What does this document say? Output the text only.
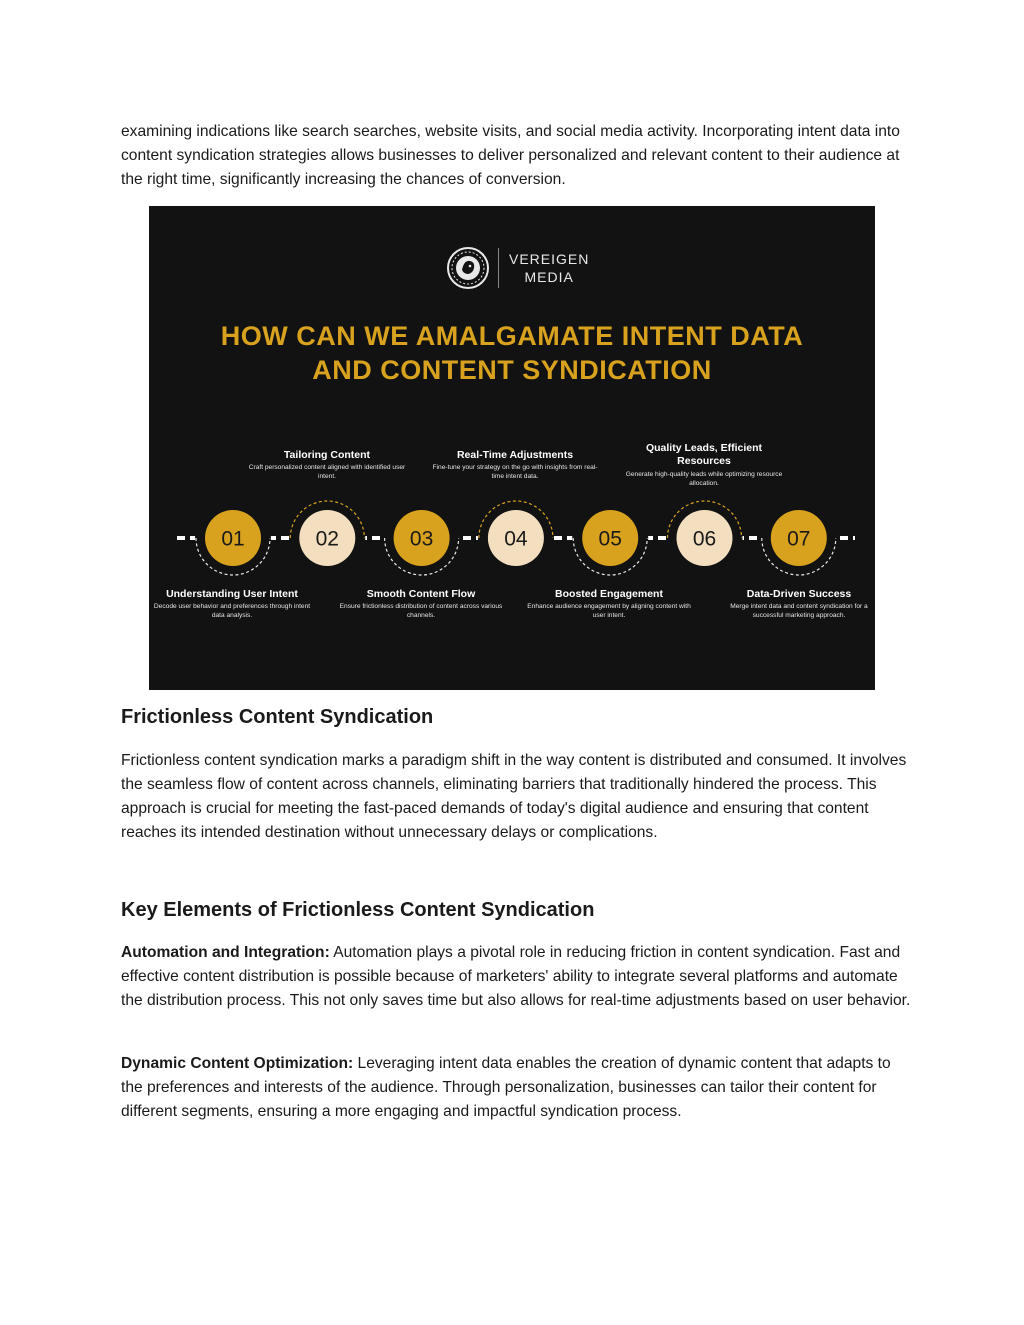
examining indications like search searches, website visits, and social media activity. Incorporating intent data into content syndication strategies allows businesses to deliver personalized and relevant content to their audience at the right time, significantly increasing the chances of conversion.

VEREIGEN
MEDIA
HOW CAN WE AMALGAMATE INTENT DATA
AND CONTENT SYNDICATION
Tailoring Content
Craft personalized content aligned with identified user intent.
Real-Time Adjustments
Fine-tune your strategy on the go with insights from real-time intent data.
Quality Leads, Efficient Resources
Generate high-quality leads while optimizing resource allocation.
Understanding User Intent
Decode user behavior and preferences through intent data analysis.
Smooth Content Flow
Ensure frictionless distribution of content across various channels.
Boosted Engagement
Enhance audience engagement by aligning content with user intent.
Data-Driven Success
Merge intent data and content syndication for a successful marketing approach.
01	02	03	04	05	06	07
Frictionless Content Syndication

Frictionless content syndication marks a paradigm shift in the way content is distributed and consumed. It involves the seamless flow of content across channels, eliminating barriers that traditionally hindered the process. This approach is crucial for meeting the fast-paced demands of today's digital audience and ensuring that content reaches its intended destination without unnecessary delays or complications.

Key Elements of Frictionless Content Syndication

Automation and Integration: Automation plays a pivotal role in reducing friction in content syndication. Fast and effective content distribution is possible because of marketers' ability to integrate several platforms and automate the distribution process. This not only saves time but also allows for real-time adjustments based on user behavior.

Dynamic Content Optimization: Leveraging intent data enables the creation of dynamic content that adapts to the preferences and interests of the audience. Through personalization, businesses can tailor their content for different segments, ensuring a more engaging and impactful syndication process.
